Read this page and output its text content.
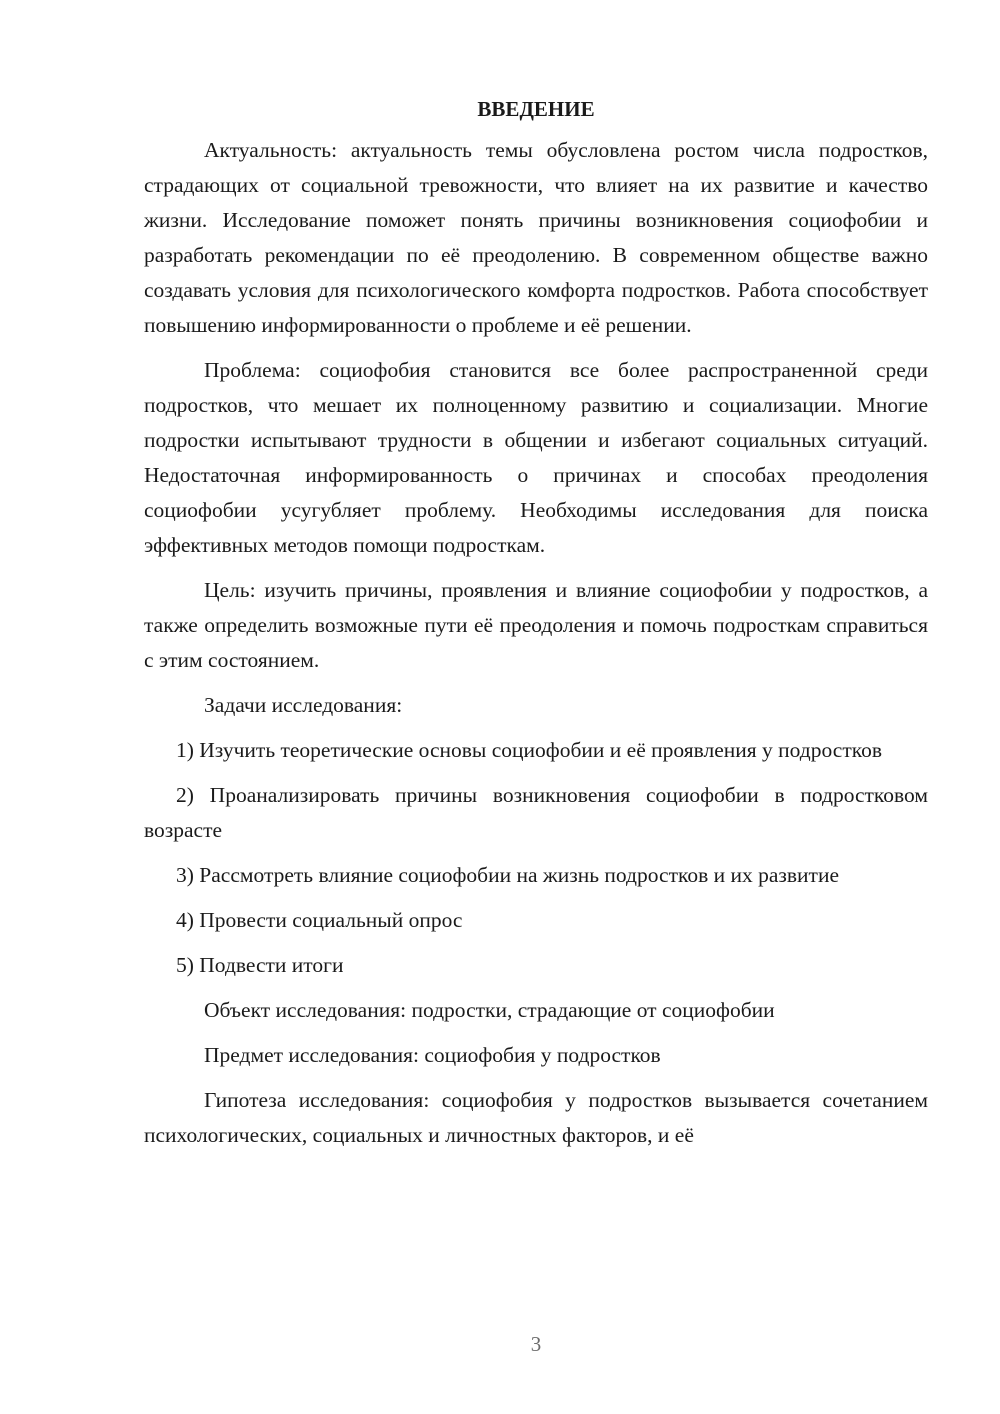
ВВЕДЕНИЕ

Актуальность: актуальность темы обусловлена ростом числа подростков, страдающих от социальной тревожности, что влияет на их развитие и качество жизни. Исследование поможет понять причины возникновения социофобии и разработать рекомендации по её преодолению. В современном обществе важно создавать условия для психологического комфорта подростков. Работа способствует повышению информированности о проблеме и её решении.

Проблема: социофобия становится все более распространенной среди подростков, что мешает их полноценному развитию и социализации. Многие подростки испытывают трудности в общении и избегают социальных ситуаций. Недостаточная информированность о причинах и способах преодоления социофобии усугубляет проблему. Необходимы исследования для поиска эффективных методов помощи подросткам.

Цель: изучить причины, проявления и влияние социофобии у подростков, а также определить возможные пути её преодоления и помочь подросткам справиться с этим состоянием.

Задачи исследования:

1) Изучить теоретические основы социофобии и её проявления у подростков

2) Проанализировать причины возникновения социофобии в подростковом возрасте

3) Рассмотреть влияние социофобии на жизнь подростков и их развитие

4) Провести социальный опрос

5) Подвести итоги

Объект исследования: подростки, страдающие от социофобии

Предмет исследования: социофобия у подростков

Гипотеза исследования: социофобия у подростков вызывается сочетанием психологических, социальных и личностных факторов, и её

3
